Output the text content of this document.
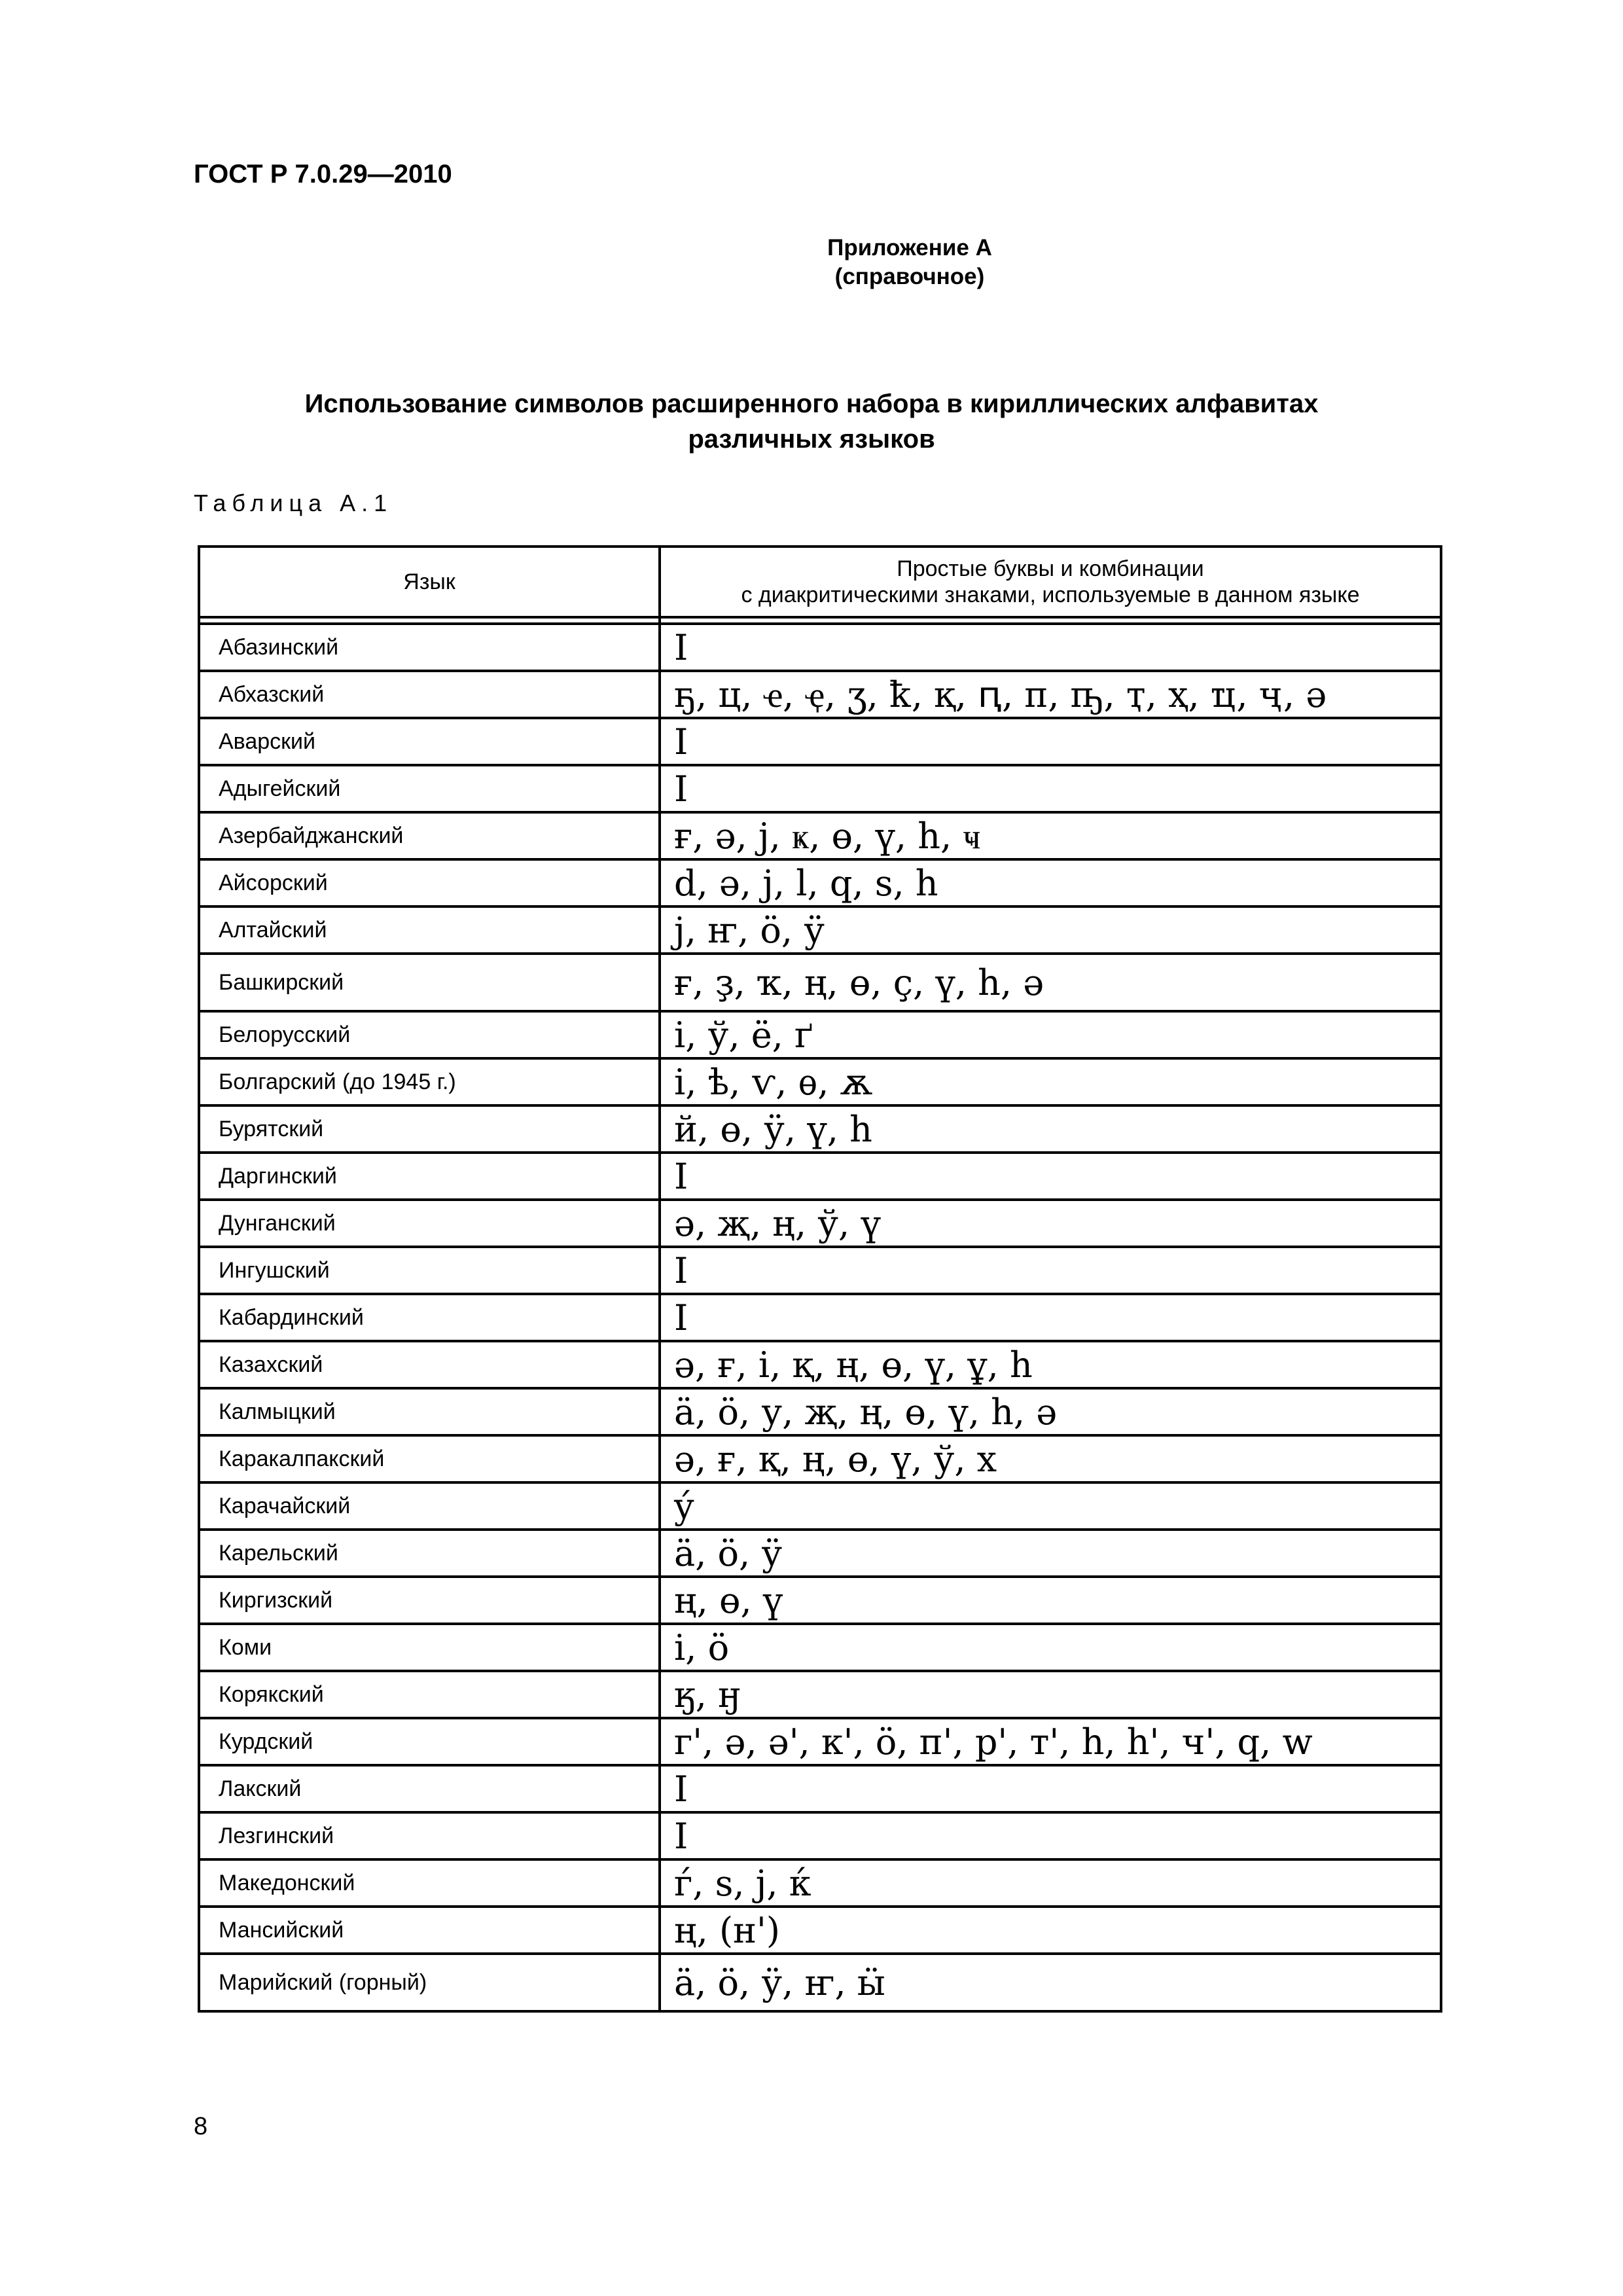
ГОСТ Р 7.0.29—2010
Приложение А
(справочное)
Использование символов расширенного набора в кириллических алфавитах
различных языков
Таблица А.1
Язык	Простые буквы и комбинации
с диакритическими знаками, используемые в данном языке

Абазинский	I
Абхазский	ҕ, ц, ҽ, ҿ, ӡ, ҟ, қ, ԥ, п, ҧ, ҭ, ҳ, ҵ, ҷ, ә
Аварский	I
Адыгейский	I
Азербайджанский	ғ, ә, ј, ҝ, ө, ү, һ, ҹ
Айсорский	d, ә, j, l, q, s, h
Алтайский	j, ҥ, ӧ, ӱ
Башкирский	ғ, ҙ, ҡ, ң, ө, ҫ, ү, һ, ә
Белорусский	і, ў, ё, ґ
Болгарский (до 1945 г.)	і, ѣ, ѵ, ѳ, ѫ
Бурятский	й, ө, ӱ, ү, һ
Даргинский	I
Дунганский	ә, җ, ң, ў, ү
Ингушский	I
Кабардинский	I
Казахский	ә, ғ, і, қ, ң, ө, ү, ұ, һ
Калмыцкий	ӓ, ӧ, у, җ, ң, ө, ү, һ, ә
Каракалпакский	ә, ғ, қ, ң, ө, ү, ў, х
Карачайский	ý
Карельский	ӓ, ӧ, ӱ
Киргизский	ң, ө, ү
Коми	і, ӧ
Корякский	ӄ, ӈ
Курдский	г', ә, ә', к', ӧ, п', р', т', һ, һ', ч', q, w
Лакский	I
Лезгинский	I
Македонский	ѓ, ѕ, ј, ќ
Мансийский	ң, (н')
Марийский (горный)	ӓ, ӧ, ӱ, ҥ, ӹ
8
